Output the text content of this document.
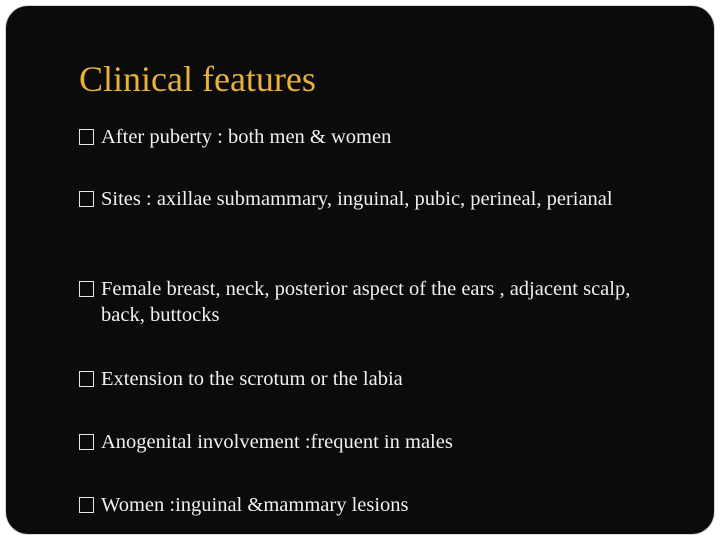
Clinical features
After puberty : both men & women
Sites : axillae submammary, inguinal, pubic, perineal, perianal
Female breast, neck, posterior aspect of the ears , adjacent scalp, back, buttocks
Extension to the scrotum or the labia
Anogenital involvement :frequent in males
Women :inguinal &mammary lesions
